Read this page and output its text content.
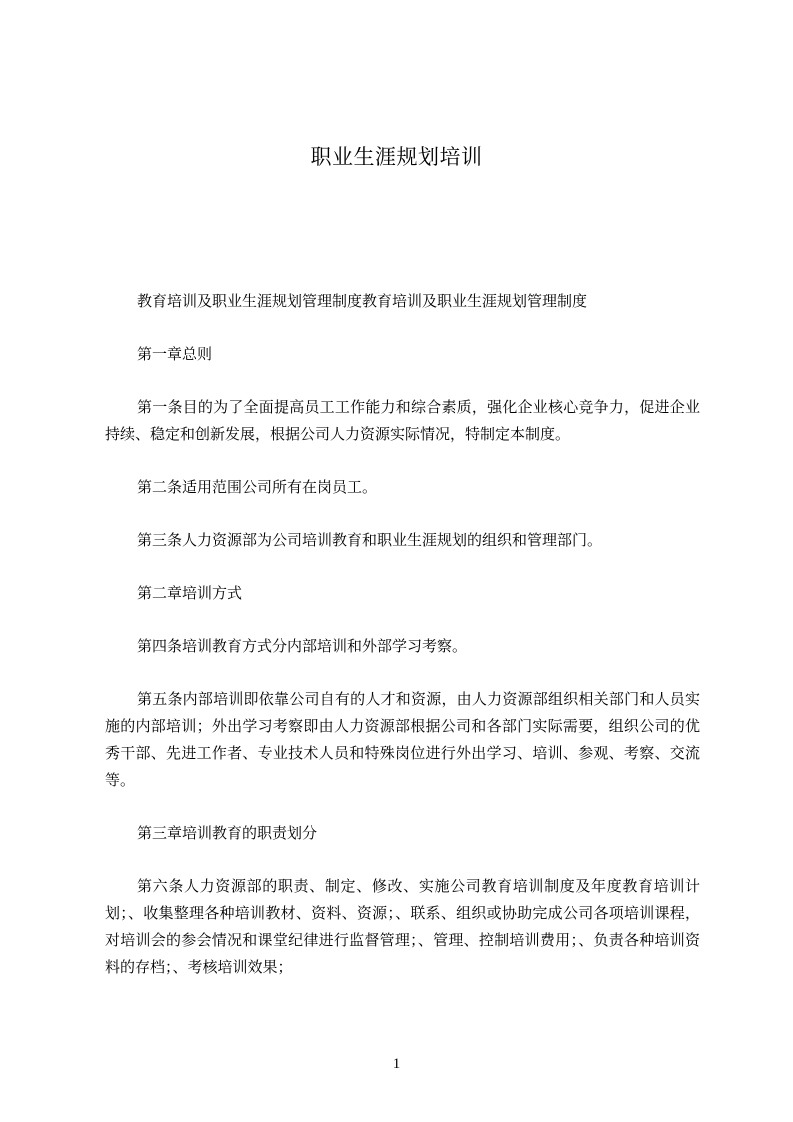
职业生涯规划培训

教育培训及职业生涯规划管理制度教育培训及职业生涯规划管理制度

第一章总则

第一条目的为了全面提高员工工作能力和综合素质，强化企业核心竞争力，促进企业持续、稳定和创新发展，根据公司人力资源实际情况，特制定本制度。

第二条适用范围公司所有在岗员工。

第三条人力资源部为公司培训教育和职业生涯规划的组织和管理部门。

第二章培训方式

第四条培训教育方式分内部培训和外部学习考察。

第五条内部培训即依靠公司自有的人才和资源，由人力资源部组织相关部门和人员实施的内部培训；外出学习考察即由人力资源部根据公司和各部门实际需要，组织公司的优秀干部、先进工作者、专业技术人员和特殊岗位进行外出学习、培训、参观、考察、交流等。

第三章培训教育的职责划分

第六条人力资源部的职责、制定、修改、实施公司教育培训制度及年度教育培训计划；、收集整理各种培训教材、资料、资源；、联系、组织或协助完成公司各项培训课程，对培训会的参会情况和课堂纪律进行监督管理；、管理、控制培训费用；、负责各种培训资料的存档；、考核培训效果；

1
